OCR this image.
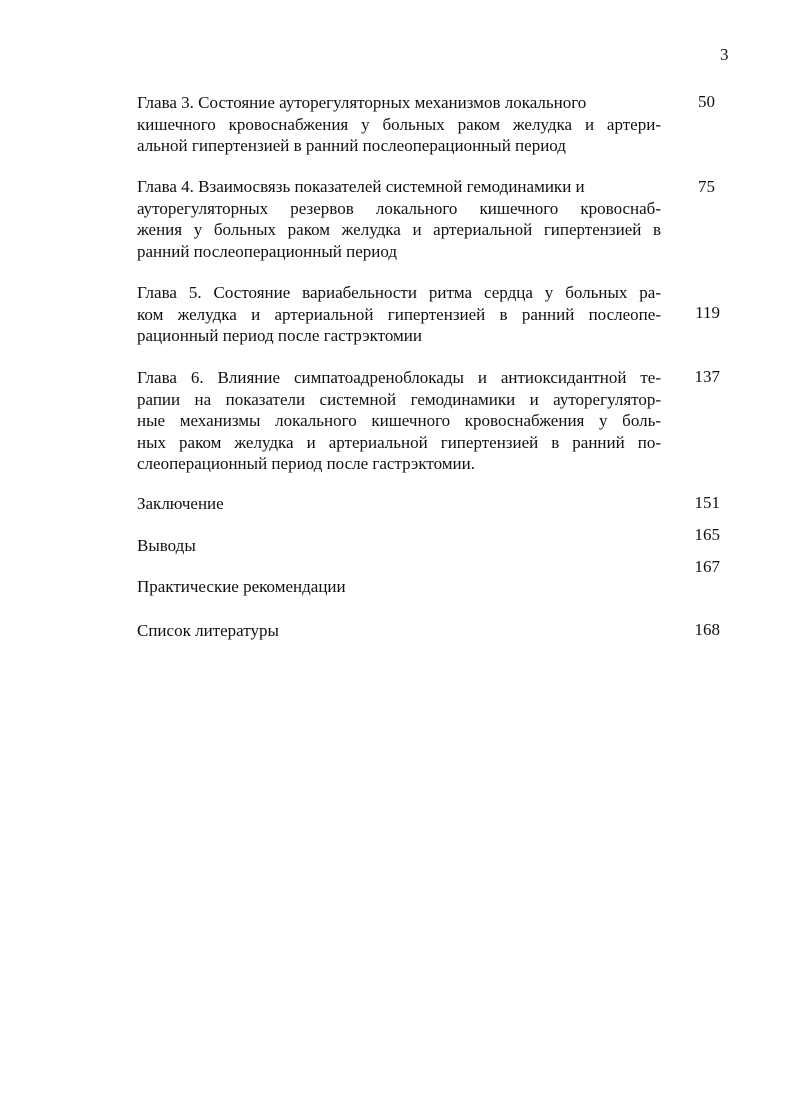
3
Глава 3. Состояние ауторегуляторных механизмов локального
кишечного кровоснабжения у больных раком желудка и артери-
альной гипертензией в ранний послеоперационный период
50
Глава 4. Взаимосвязь показателей системной гемодинамики и
ауторегуляторных резервов локального кишечного кровоснаб-
жения у больных раком желудка и артериальной гипертензией в
ранний послеоперационный период
75
Глава 5. Состояние вариабельности ритма сердца у больных ра-
ком желудка и артериальной гипертензией в ранний послеопе-
рационный период после гастрэктомии
119
Глава 6. Влияние симпатоадреноблокады и антиоксидантной те-
рапии на показатели системной гемодинамики и ауторегулятор-
ные механизмы локального кишечного кровоснабжения у боль-
ных раком желудка и артериальной гипертензией в ранний по-
слеоперационный период после гастрэктомии.
137
Заключение	151
Выводы
165
Практические рекомендации
167
Список литературы	168
